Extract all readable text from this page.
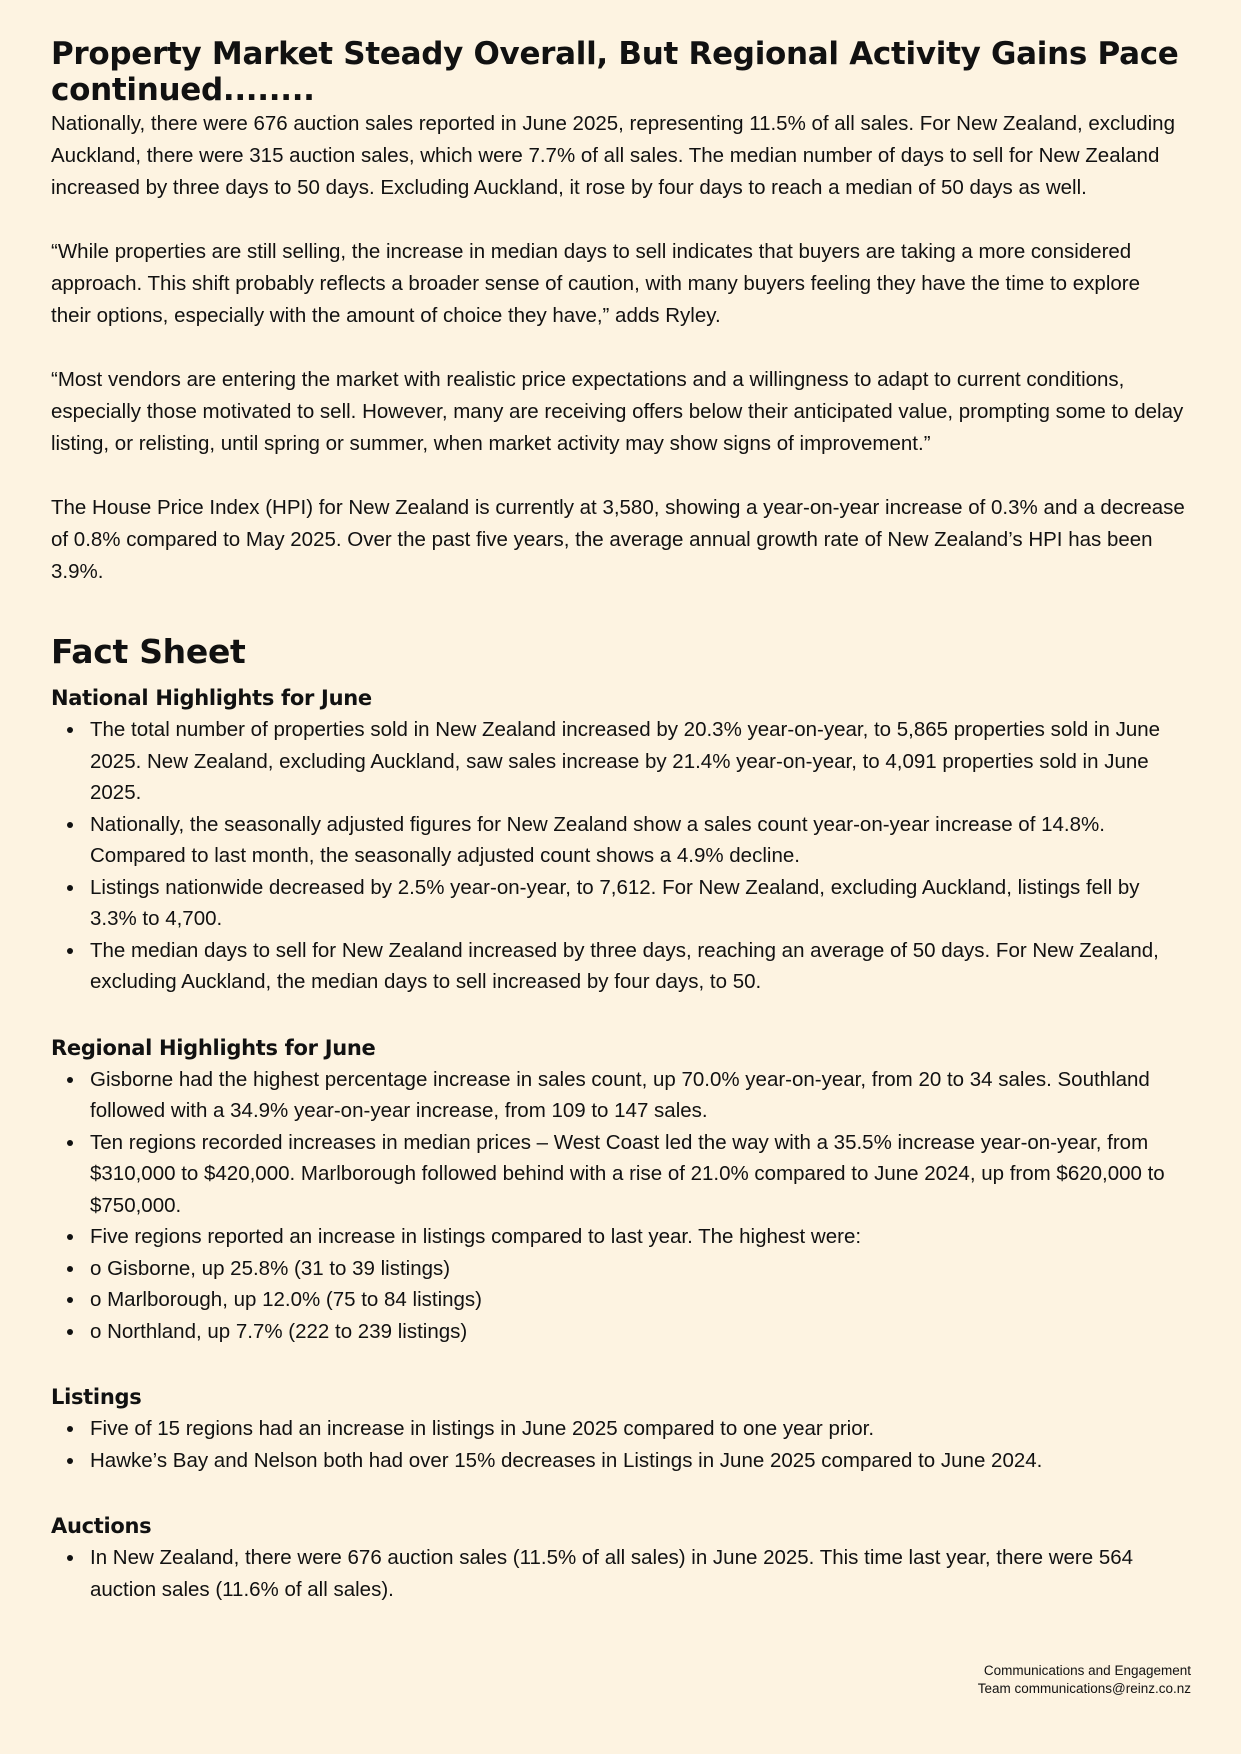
Property Market Steady Overall, But Regional Activity Gains Pace continued........

Nationally, there were 676 auction sales reported in June 2025, representing 11.5% of all sales. For New Zealand, excluding Auckland, there were 315 auction sales, which were 7.7% of all sales. The median number of days to sell for New Zealand increased by three days to 50 days. Excluding Auckland, it rose by four days to reach a median of 50 days as well.

“While properties are still selling, the increase in median days to sell indicates that buyers are taking a more considered approach. This shift probably reflects a broader sense of caution, with many buyers feeling they have the time to explore their options, especially with the amount of choice they have,” adds Ryley.

“Most vendors are entering the market with realistic price expectations and a willingness to adapt to current conditions, especially those motivated to sell. However, many are receiving offers below their anticipated value, prompting some to delay listing, or relisting, until spring or summer, when market activity may show signs of improvement.”

The House Price Index (HPI) for New Zealand is currently at 3,580, showing a year-on-year increase of 0.3% and a decrease of 0.8% compared to May 2025. Over the past five years, the average annual growth rate of New Zealand’s HPI has been 3.9%.

Fact Sheet
National Highlights for June
The total number of properties sold in New Zealand increased by 20.3% year-on-year, to 5,865 properties sold in June 2025. New Zealand, excluding Auckland, saw sales increase by 21.4% year-on-year, to 4,091 properties sold in June 2025.
Nationally, the seasonally adjusted figures for New Zealand show a sales count year-on-year increase of 14.8%. Compared to last month, the seasonally adjusted count shows a 4.9% decline.
Listings nationwide decreased by 2.5% year-on-year, to 7,612. For New Zealand, excluding Auckland, listings fell by 3.3% to 4,700.
The median days to sell for New Zealand increased by three days, reaching an average of 50 days. For New Zealand, excluding Auckland, the median days to sell increased by four days, to 50.
Regional Highlights for June
Gisborne had the highest percentage increase in sales count, up 70.0% year-on-year, from 20 to 34 sales. Southland followed with a 34.9% year-on-year increase, from 109 to 147 sales.
Ten regions recorded increases in median prices – West Coast led the way with a 35.5% increase year-on-year, from $310,000 to $420,000. Marlborough followed behind with a rise of 21.0% compared to June 2024, up from $620,000 to $750,000.
Five regions reported an increase in listings compared to last year. The highest were:
o Gisborne, up 25.8% (31 to 39 listings)
o Marlborough, up 12.0% (75 to 84 listings)
o Northland, up 7.7% (222 to 239 listings)
Listings
Five of 15 regions had an increase in listings in June 2025 compared to one year prior.
Hawke’s Bay and Nelson both had over 15% decreases in Listings in June 2025 compared to June 2024.
Auctions
In New Zealand, there were 676 auction sales (11.5% of all sales) in June 2025. This time last year, there were 564 auction sales (11.6% of all sales).
Communications and Engagement
Team communications@reinz.co.nz
